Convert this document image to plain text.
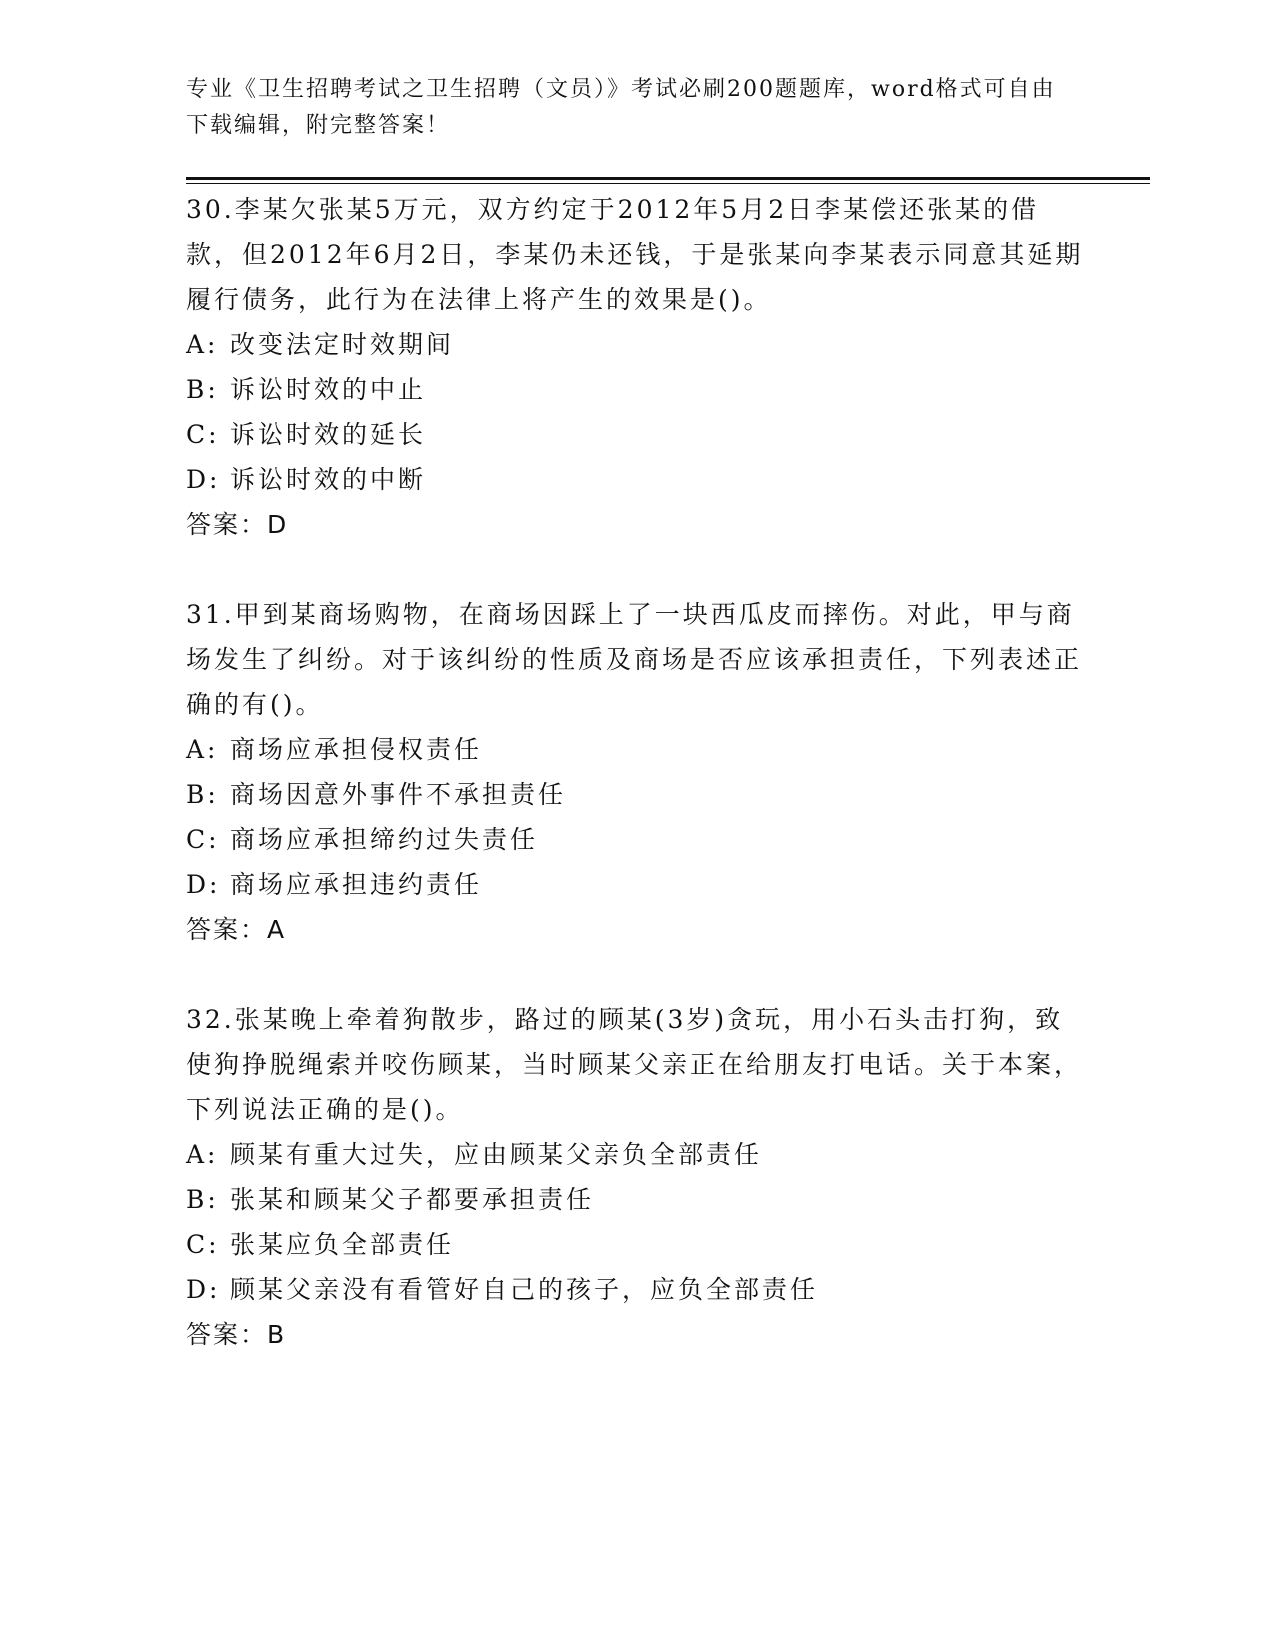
专业《卫生招聘考试之卫生招聘（文员）》考试必刷200题题库，word格式可自由下载编辑，附完整答案！
30.李某欠张某5万元，双方约定于2012年5月2日李某偿还张某的借款，但2012年6月2日，李某仍未还钱，于是张某向李某表示同意其延期履行债务，此行为在法律上将产生的效果是()。
A: 改变法定时效期间
B: 诉讼时效的中止
C: 诉讼时效的延长
D: 诉讼时效的中断
答案：D
31.甲到某商场购物，在商场因踩上了一块西瓜皮而摔伤。对此，甲与商场发生了纠纷。对于该纠纷的性质及商场是否应该承担责任，下列表述正确的有()。
A: 商场应承担侵权责任
B: 商场因意外事件不承担责任
C: 商场应承担缔约过失责任
D: 商场应承担违约责任
答案：A
32.张某晚上牵着狗散步，路过的顾某(3岁)贪玩，用小石头击打狗，致使狗挣脱绳索并咬伤顾某，当时顾某父亲正在给朋友打电话。关于本案，下列说法正确的是()。
A: 顾某有重大过失，应由顾某父亲负全部责任
B: 张某和顾某父子都要承担责任
C: 张某应负全部责任
D: 顾某父亲没有看管好自己的孩子，应负全部责任
答案：B
